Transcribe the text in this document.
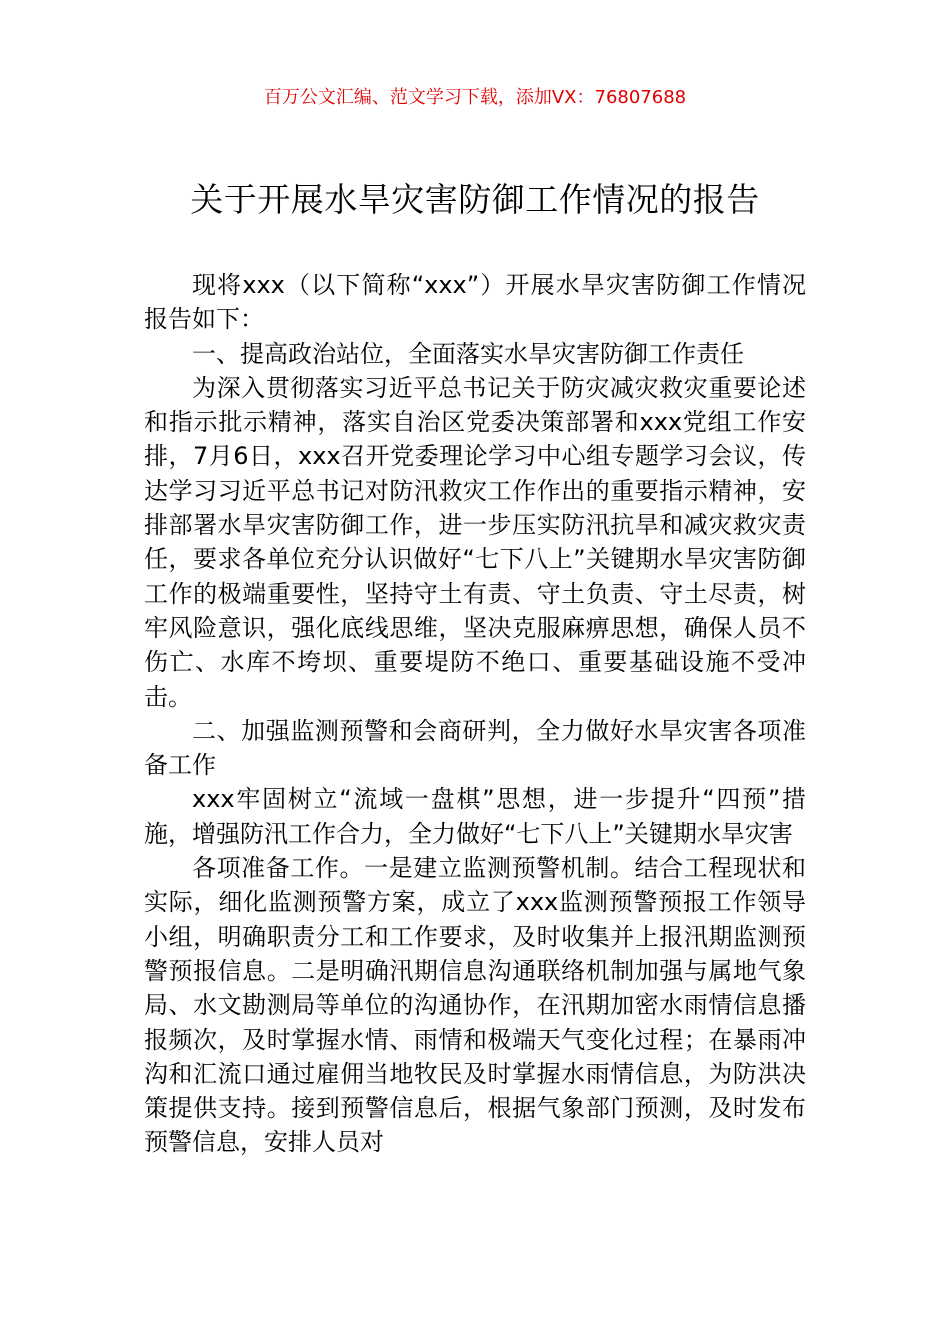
百万公文汇编、范文学习下载，添加VX：76807688
关于开展水旱灾害防御工作情况的报告

现将xxx（以下简称“xxx”）开展水旱灾害防御工作情况报告如下：

一、提高政治站位，全面落实水旱灾害防御工作责任

为深入贯彻落实习近平总书记关于防灾减灾救灾重要论述和指示批示精神，落实自治区党委决策部署和xxx党组工作安排，7月6日，xxx召开党委理论学习中心组专题学习会议，传达学习习近平总书记对防汛救灾工作作出的重要指示精神，安排部署水旱灾害防御工作，进一步压实防汛抗旱和减灾救灾责任，要求各单位充分认识做好“七下八上”关键期水旱灾害防御工作的极端重要性，坚持守土有责、守土负责、守土尽责，树牢风险意识，强化底线思维，坚决克服麻痹思想，确保人员不伤亡、水库不垮坝、重要堤防不绝口、重要基础设施不受冲击。

二、加强监测预警和会商研判，全力做好水旱灾害各项准备工作

xxx牢固树立“流域一盘棋”思想，进一步提升“四预”措施，增强防汛工作合力，全力做好“七下八上”关键期水旱灾害

各项准备工作。一是建立监测预警机制。结合工程现状和实际，细化监测预警方案，成立了xxx监测预警预报工作领导小组，明确职责分工和工作要求，及时收集并上报汛期监测预警预报信息。二是明确汛期信息沟通联络机制加强与属地气象局、水文勘测局等单位的沟通协作，在汛期加密水雨情信息播报频次，及时掌握水情、雨情和极端天气变化过程；在暴雨冲沟和汇流口通过雇佣当地牧民及时掌握水雨情信息，为防洪决策提供支持。接到预警信息后，根据气象部门预测，及时发布预警信息，安排人员对
